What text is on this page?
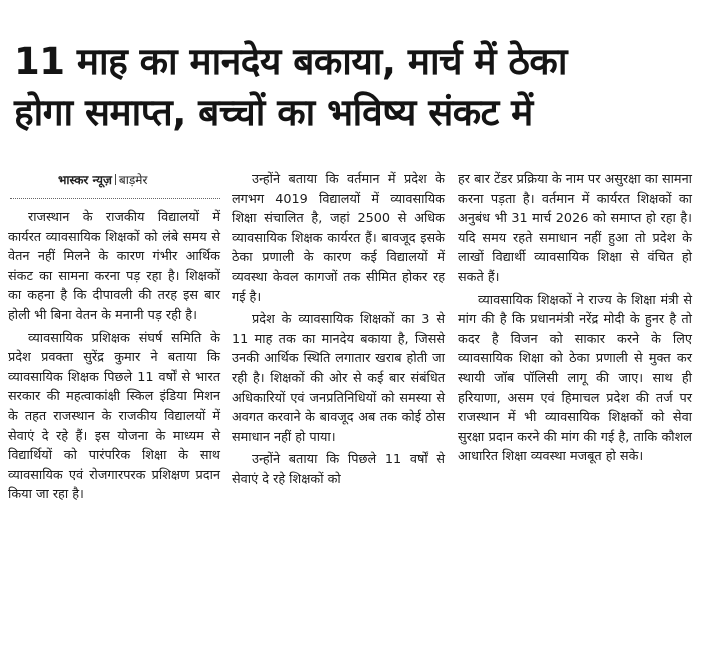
11 माह का मानदेय बकाया, मार्च में ठेका
होगा समाप्त, बच्चों का भविष्य संकट में
भास्कर न्यूज़ बाड़मेर

राजस्थान के राजकीय विद्यालयों में कार्यरत व्यावसायिक शिक्षकों को लंबे समय से वेतन नहीं मिलने के कारण गंभीर आर्थिक संकट का सामना करना पड़ रहा है। शिक्षकों का कहना है कि दीपावली की तरह इस बार होली भी बिना वेतन के मनानी पड़ रही है।

व्यावसायिक प्रशिक्षक संघर्ष समिति के प्रदेश प्रवक्ता सुरेंद्र कुमार ने बताया कि व्यावसायिक शिक्षक पिछले 11 वर्षों से भारत सरकार की महत्वाकांक्षी स्किल इंडिया मिशन के तहत राजस्थान के राजकीय विद्यालयों में सेवाएं दे रहे हैं। इस योजना के माध्यम से विद्यार्थियों को पारंपरिक शिक्षा के साथ व्यावसायिक एवं रोजगारपरक प्रशिक्षण प्रदान किया जा रहा है।

उन्होंने बताया कि वर्तमान में प्रदेश के लगभग 4019 विद्यालयों में व्यावसायिक शिक्षा संचालित है, जहां 2500 से अधिक व्यावसायिक शिक्षक कार्यरत हैं। बावजूद इसके ठेका प्रणाली के कारण कई विद्यालयों में व्यवस्था केवल कागजों तक सीमित होकर रह गई है।

प्रदेश के व्यावसायिक शिक्षकों का 3 से 11 माह तक का मानदेय बकाया है, जिससे उनकी आर्थिक स्थिति लगातार खराब होती जा रही है। शिक्षकों की ओर से कई बार संबंधित अधिकारियों एवं जनप्रतिनिधियों को समस्या से अवगत करवाने के बावजूद अब तक कोई ठोस समाधान नहीं हो पाया।

उन्होंने बताया कि पिछले 11 वर्षों से सेवाएं दे रहे शिक्षकों को

हर बार टेंडर प्रक्रिया के नाम पर असुरक्षा का सामना करना पड़ता है। वर्तमान में कार्यरत शिक्षकों का अनुबंध भी 31 मार्च 2026 को समाप्त हो रहा है। यदि समय रहते समाधान नहीं हुआ तो प्रदेश के लाखों विद्यार्थी व्यावसायिक शिक्षा से वंचित हो सकते हैं।

व्यावसायिक शिक्षकों ने राज्य के शिक्षा मंत्री से मांग की है कि प्रधानमंत्री नरेंद्र मोदी के हुनर है तो कदर है विजन को साकार करने के लिए व्यावसायिक शिक्षा को ठेका प्रणाली से मुक्त कर स्थायी जॉब पॉलिसी लागू की जाए। साथ ही हरियाणा, असम एवं हिमाचल प्रदेश की तर्ज पर राजस्थान में भी व्यावसायिक शिक्षकों को सेवा सुरक्षा प्रदान करने की मांग की गई है, ताकि कौशल आधारित शिक्षा व्यवस्था मजबूत हो सके।
